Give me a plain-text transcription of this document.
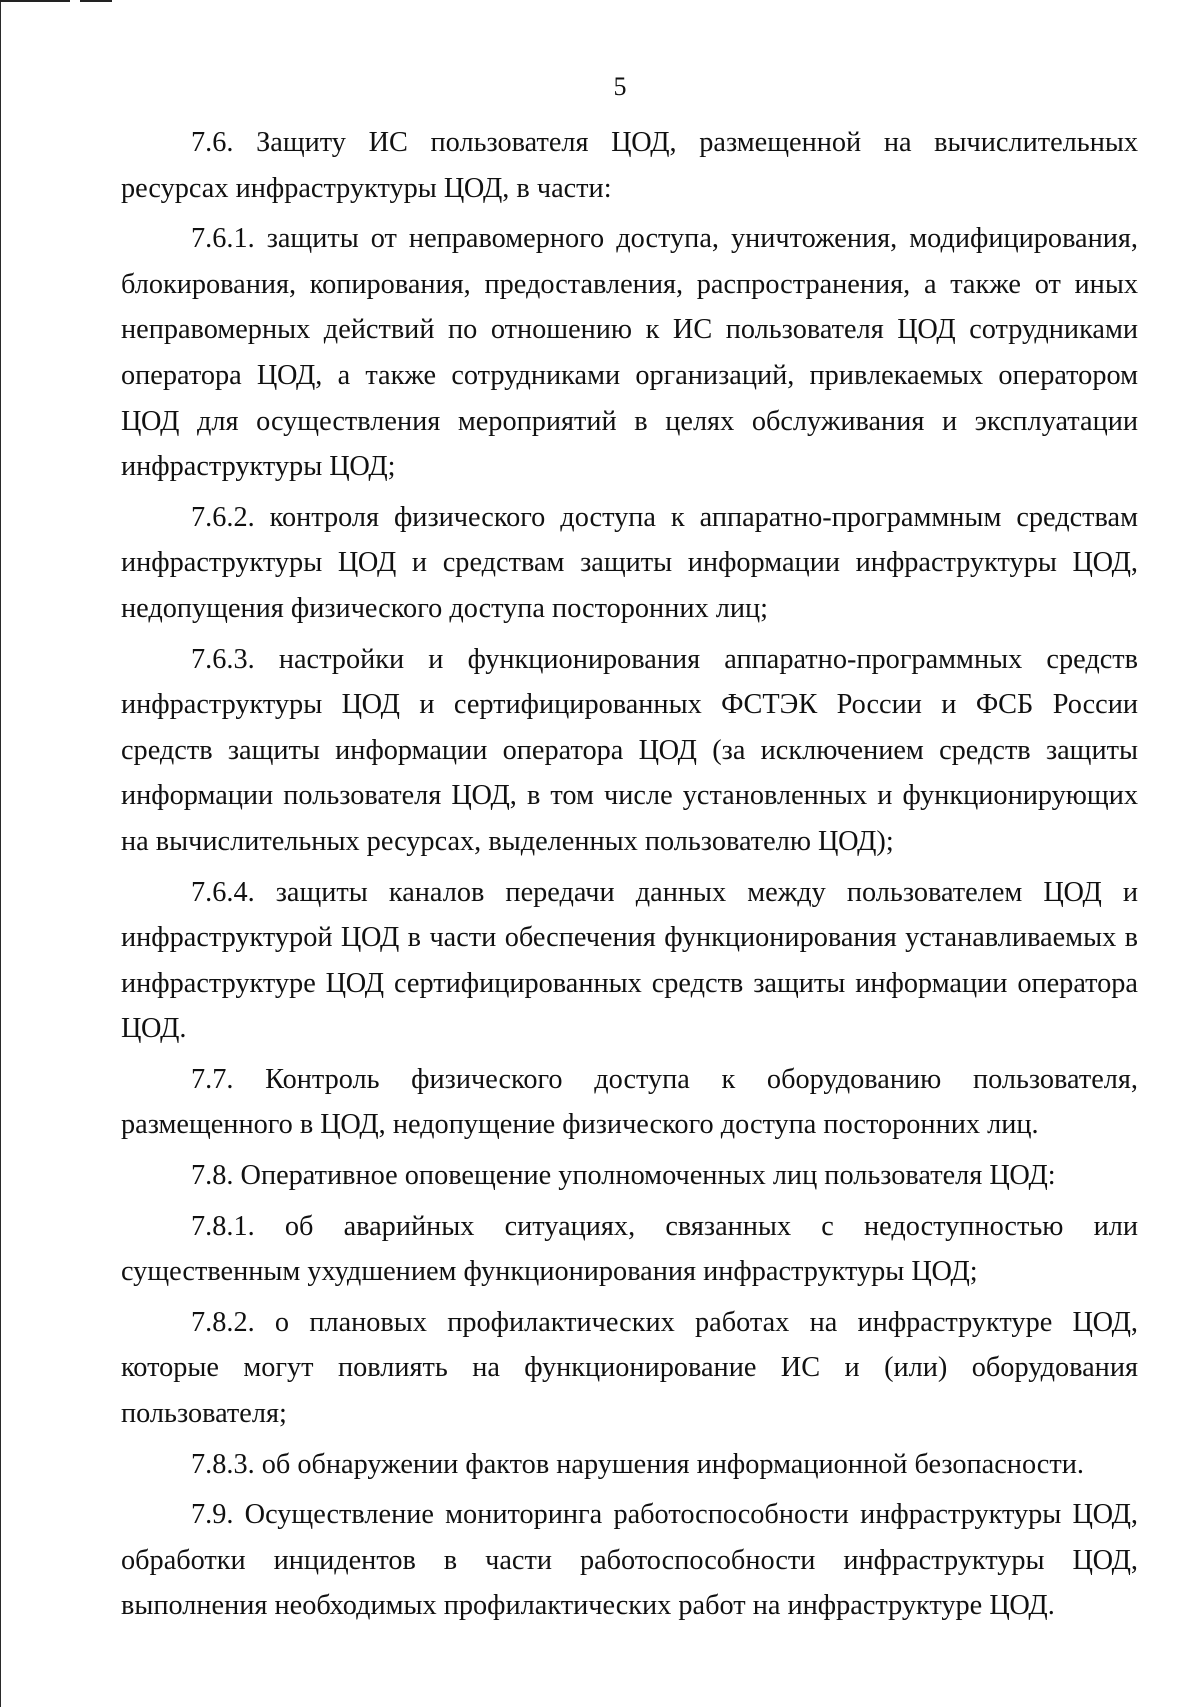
5

7.6. Защиту ИС пользователя ЦОД, размещенной на вычислительных ресурсах инфраструктуры ЦОД, в части:

7.6.1. защиты от неправомерного доступа, уничтожения, модифицирования, блокирования, копирования, предоставления, распространения, а также от иных неправомерных действий по отношению к ИС пользователя ЦОД сотрудниками оператора ЦОД, а также сотрудниками организаций, привлекаемых оператором ЦОД для осуществления мероприятий в целях обслуживания и эксплуатации инфраструктуры ЦОД;

7.6.2. контроля физического доступа к аппаратно-программным средствам инфраструктуры ЦОД и средствам защиты информации инфраструктуры ЦОД, недопущения физического доступа посторонних лиц;

7.6.3. настройки и функционирования аппаратно-программных средств инфраструктуры ЦОД и сертифицированных ФСТЭК России и ФСБ России средств защиты информации оператора ЦОД (за исключением средств защиты информации пользователя ЦОД, в том числе установленных и функционирующих на вычислительных ресурсах, выделенных пользователю ЦОД);

7.6.4. защиты каналов передачи данных между пользователем ЦОД и инфраструктурой ЦОД в части обеспечения функционирования устанавливаемых в инфраструктуре ЦОД сертифицированных средств защиты информации оператора ЦОД.

7.7. Контроль физического доступа к оборудованию пользователя, размещенного в ЦОД, недопущение физического доступа посторонних лиц.

7.8. Оперативное оповещение уполномоченных лиц пользователя ЦОД:

7.8.1. об аварийных ситуациях, связанных с недоступностью или существенным ухудшением функционирования инфраструктуры ЦОД;

7.8.2. о плановых профилактических работах на инфраструктуре ЦОД, которые могут повлиять на функционирование ИС и (или) оборудования пользователя;

7.8.3. об обнаружении фактов нарушения информационной безопасности.

7.9. Осуществление мониторинга работоспособности инфраструктуры ЦОД, обработки инцидентов в части работоспособности инфраструктуры ЦОД, выполнения необходимых профилактических работ на инфраструктуре ЦОД.
